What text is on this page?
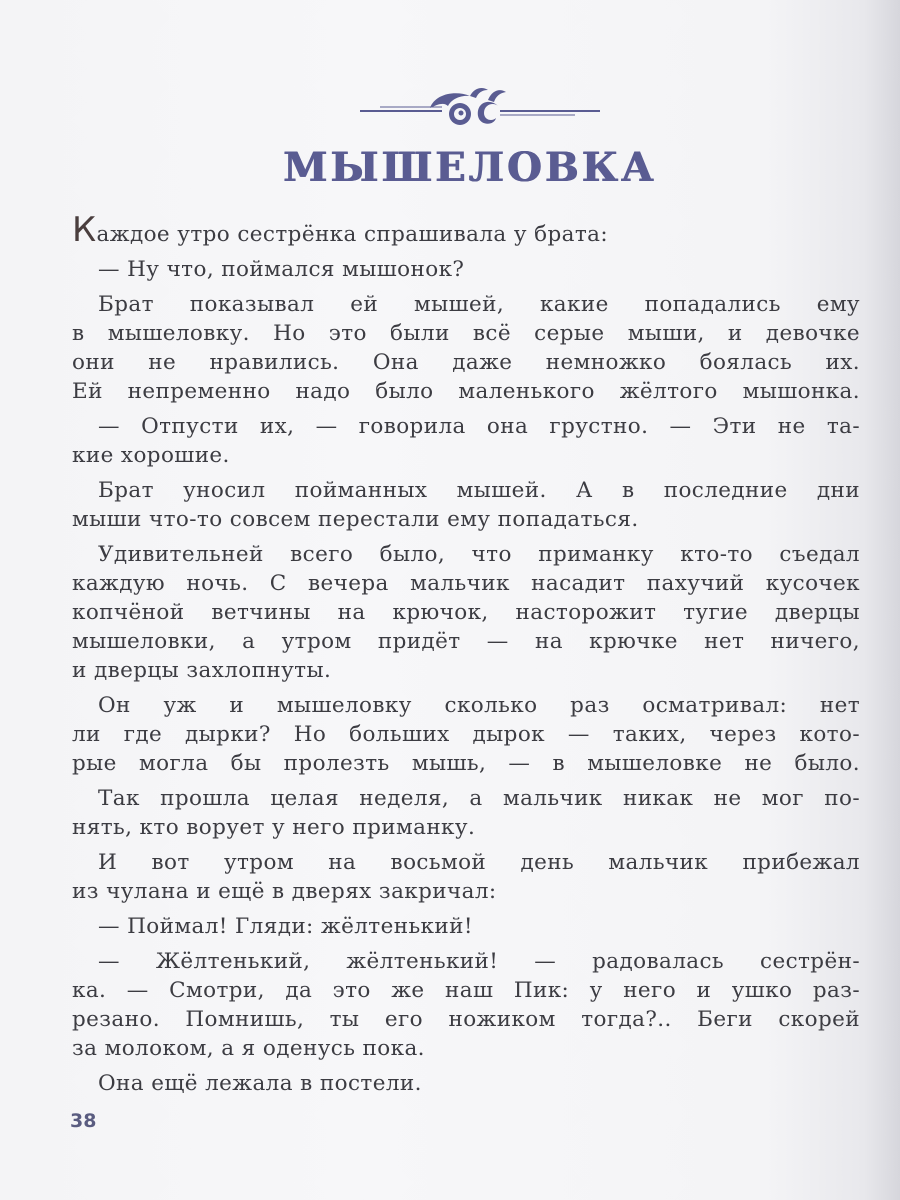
МЫШЕЛОВКА
Каждое утро сестрёнка спрашивала у брата:
— Ну что, поймался мышонок?
Брат показывал ей мышей, какие попадались ему
в мышеловку. Но это были всё серые мыши, и девочке
они не нравились. Она даже немножко боялась их.
Ей непременно надо было маленького жёлтого мышонка.
— Отпусти их, — говорила она грустно. — Эти не та-
кие хорошие.
Брат уносил пойманных мышей. А в последние дни
мыши что-то совсем перестали ему попадаться.
Удивительней всего было, что приманку кто-то съедал
каждую ночь. С вечера мальчик насадит пахучий кусочек
копчёной ветчины на крючок, насторожит тугие дверцы
мышеловки, а утром придёт — на крючке нет ничего,
и дверцы захлопнуты.
Он уж и мышеловку сколько раз осматривал: нет
ли где дырки? Но больших дырок — таких, через кото-
рые могла бы пролезть мышь, — в мышеловке не было.
Так прошла целая неделя, а мальчик никак не мог по-
нять, кто ворует у него приманку.
И вот утром на восьмой день мальчик прибежал
из чулана и ещё в дверях закричал:
— Поймал! Гляди: жёлтенький!
— Жёлтенький, жёлтенький! — радовалась сестрён-
ка. — Смотри, да это же наш Пик: у него и ушко раз-
резано. Помнишь, ты его ножиком тогда?.. Беги скорей
за молоком, а я оденусь пока.
Она ещё лежала в постели.
38
